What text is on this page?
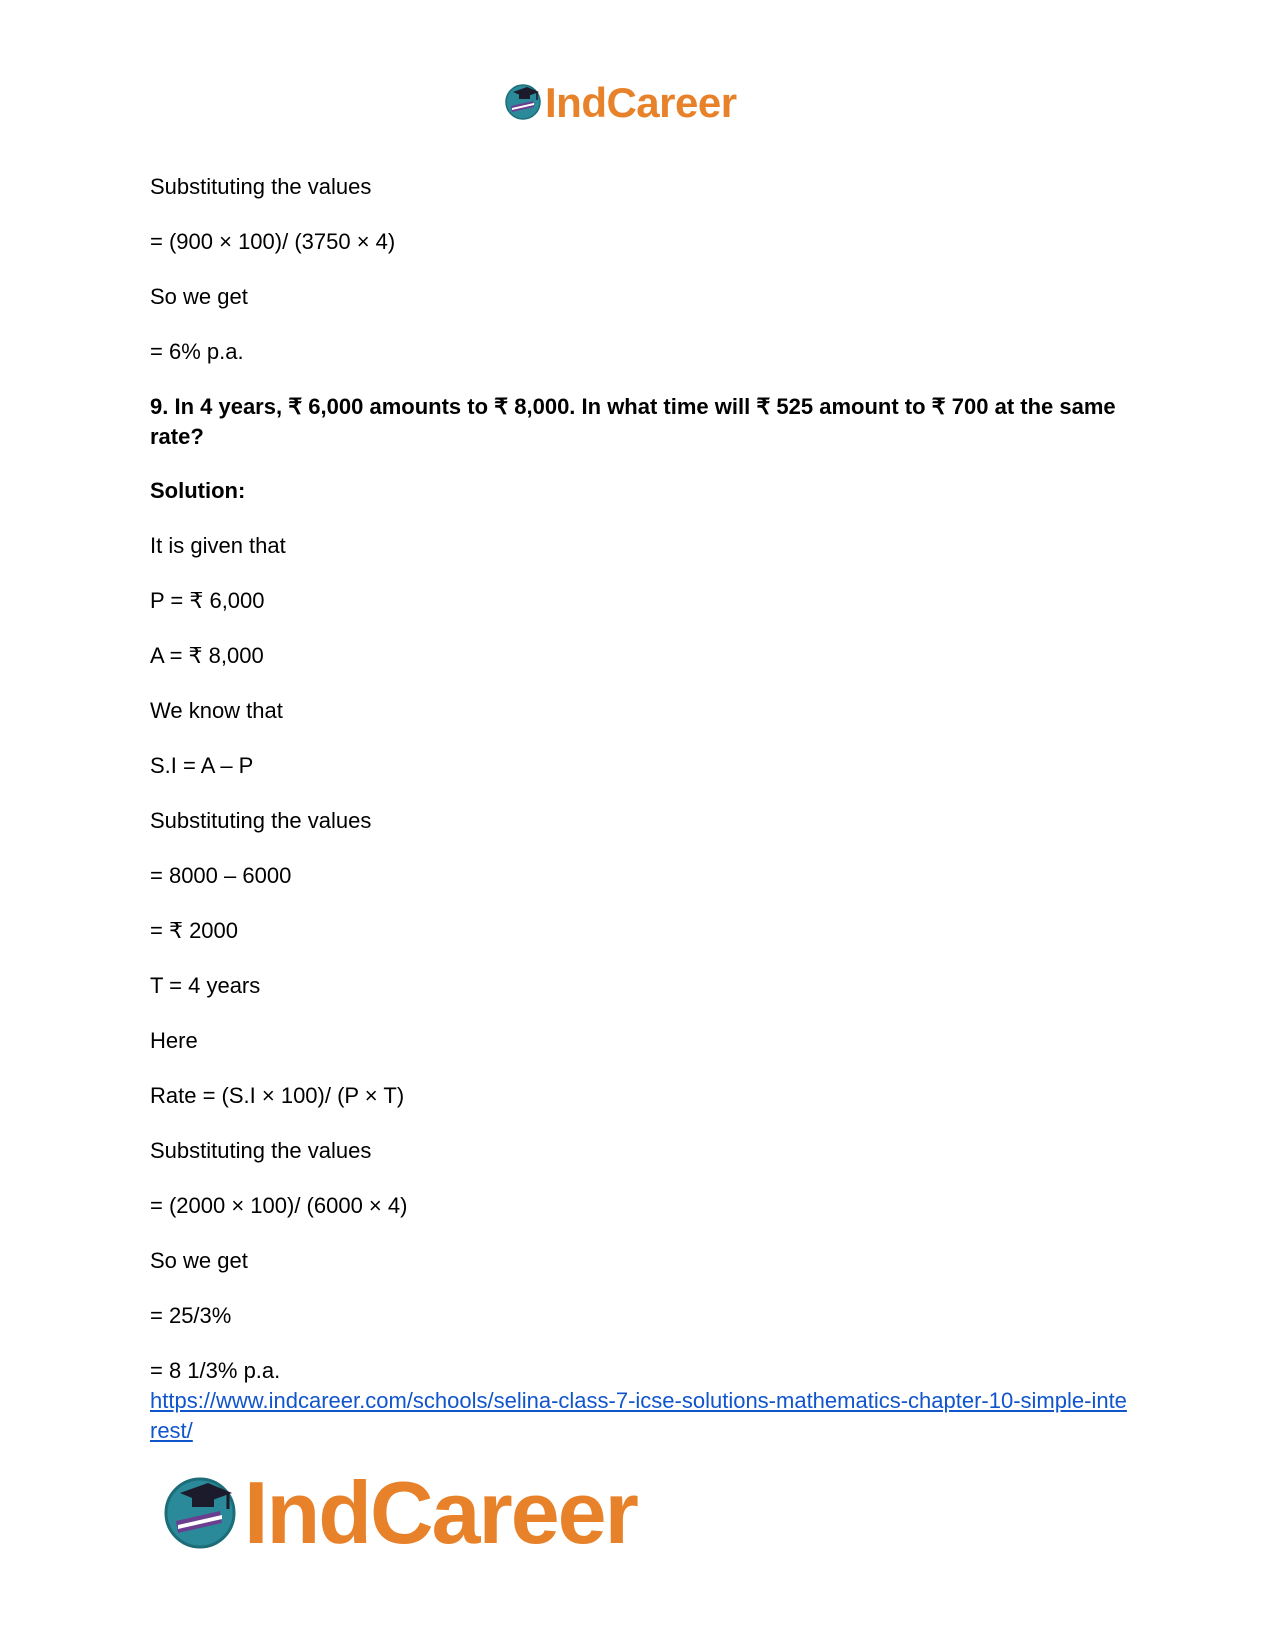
IndCareer

Substituting the values

= (900 × 100)/ (3750 × 4)

So we get

= 6% p.a.

9. In 4 years, ₹ 6,000 amounts to ₹ 8,000. In what time will ₹ 525 amount to ₹ 700 at the same rate?

Solution:

It is given that

P = ₹ 6,000

A = ₹ 8,000

We know that

S.I = A – P

Substituting the values

= 8000 – 6000

= ₹ 2000

T = 4 years

Here

Rate = (S.I × 100)/ (P × T)

Substituting the values

= (2000 × 100)/ (6000 × 4)

So we get

= 25/3%

= 8 1/3% p.a.

https://www.indcareer.com/schools/selina-class-7-icse-solutions-mathematics-chapter-10-simple-interest/
IndCareer
